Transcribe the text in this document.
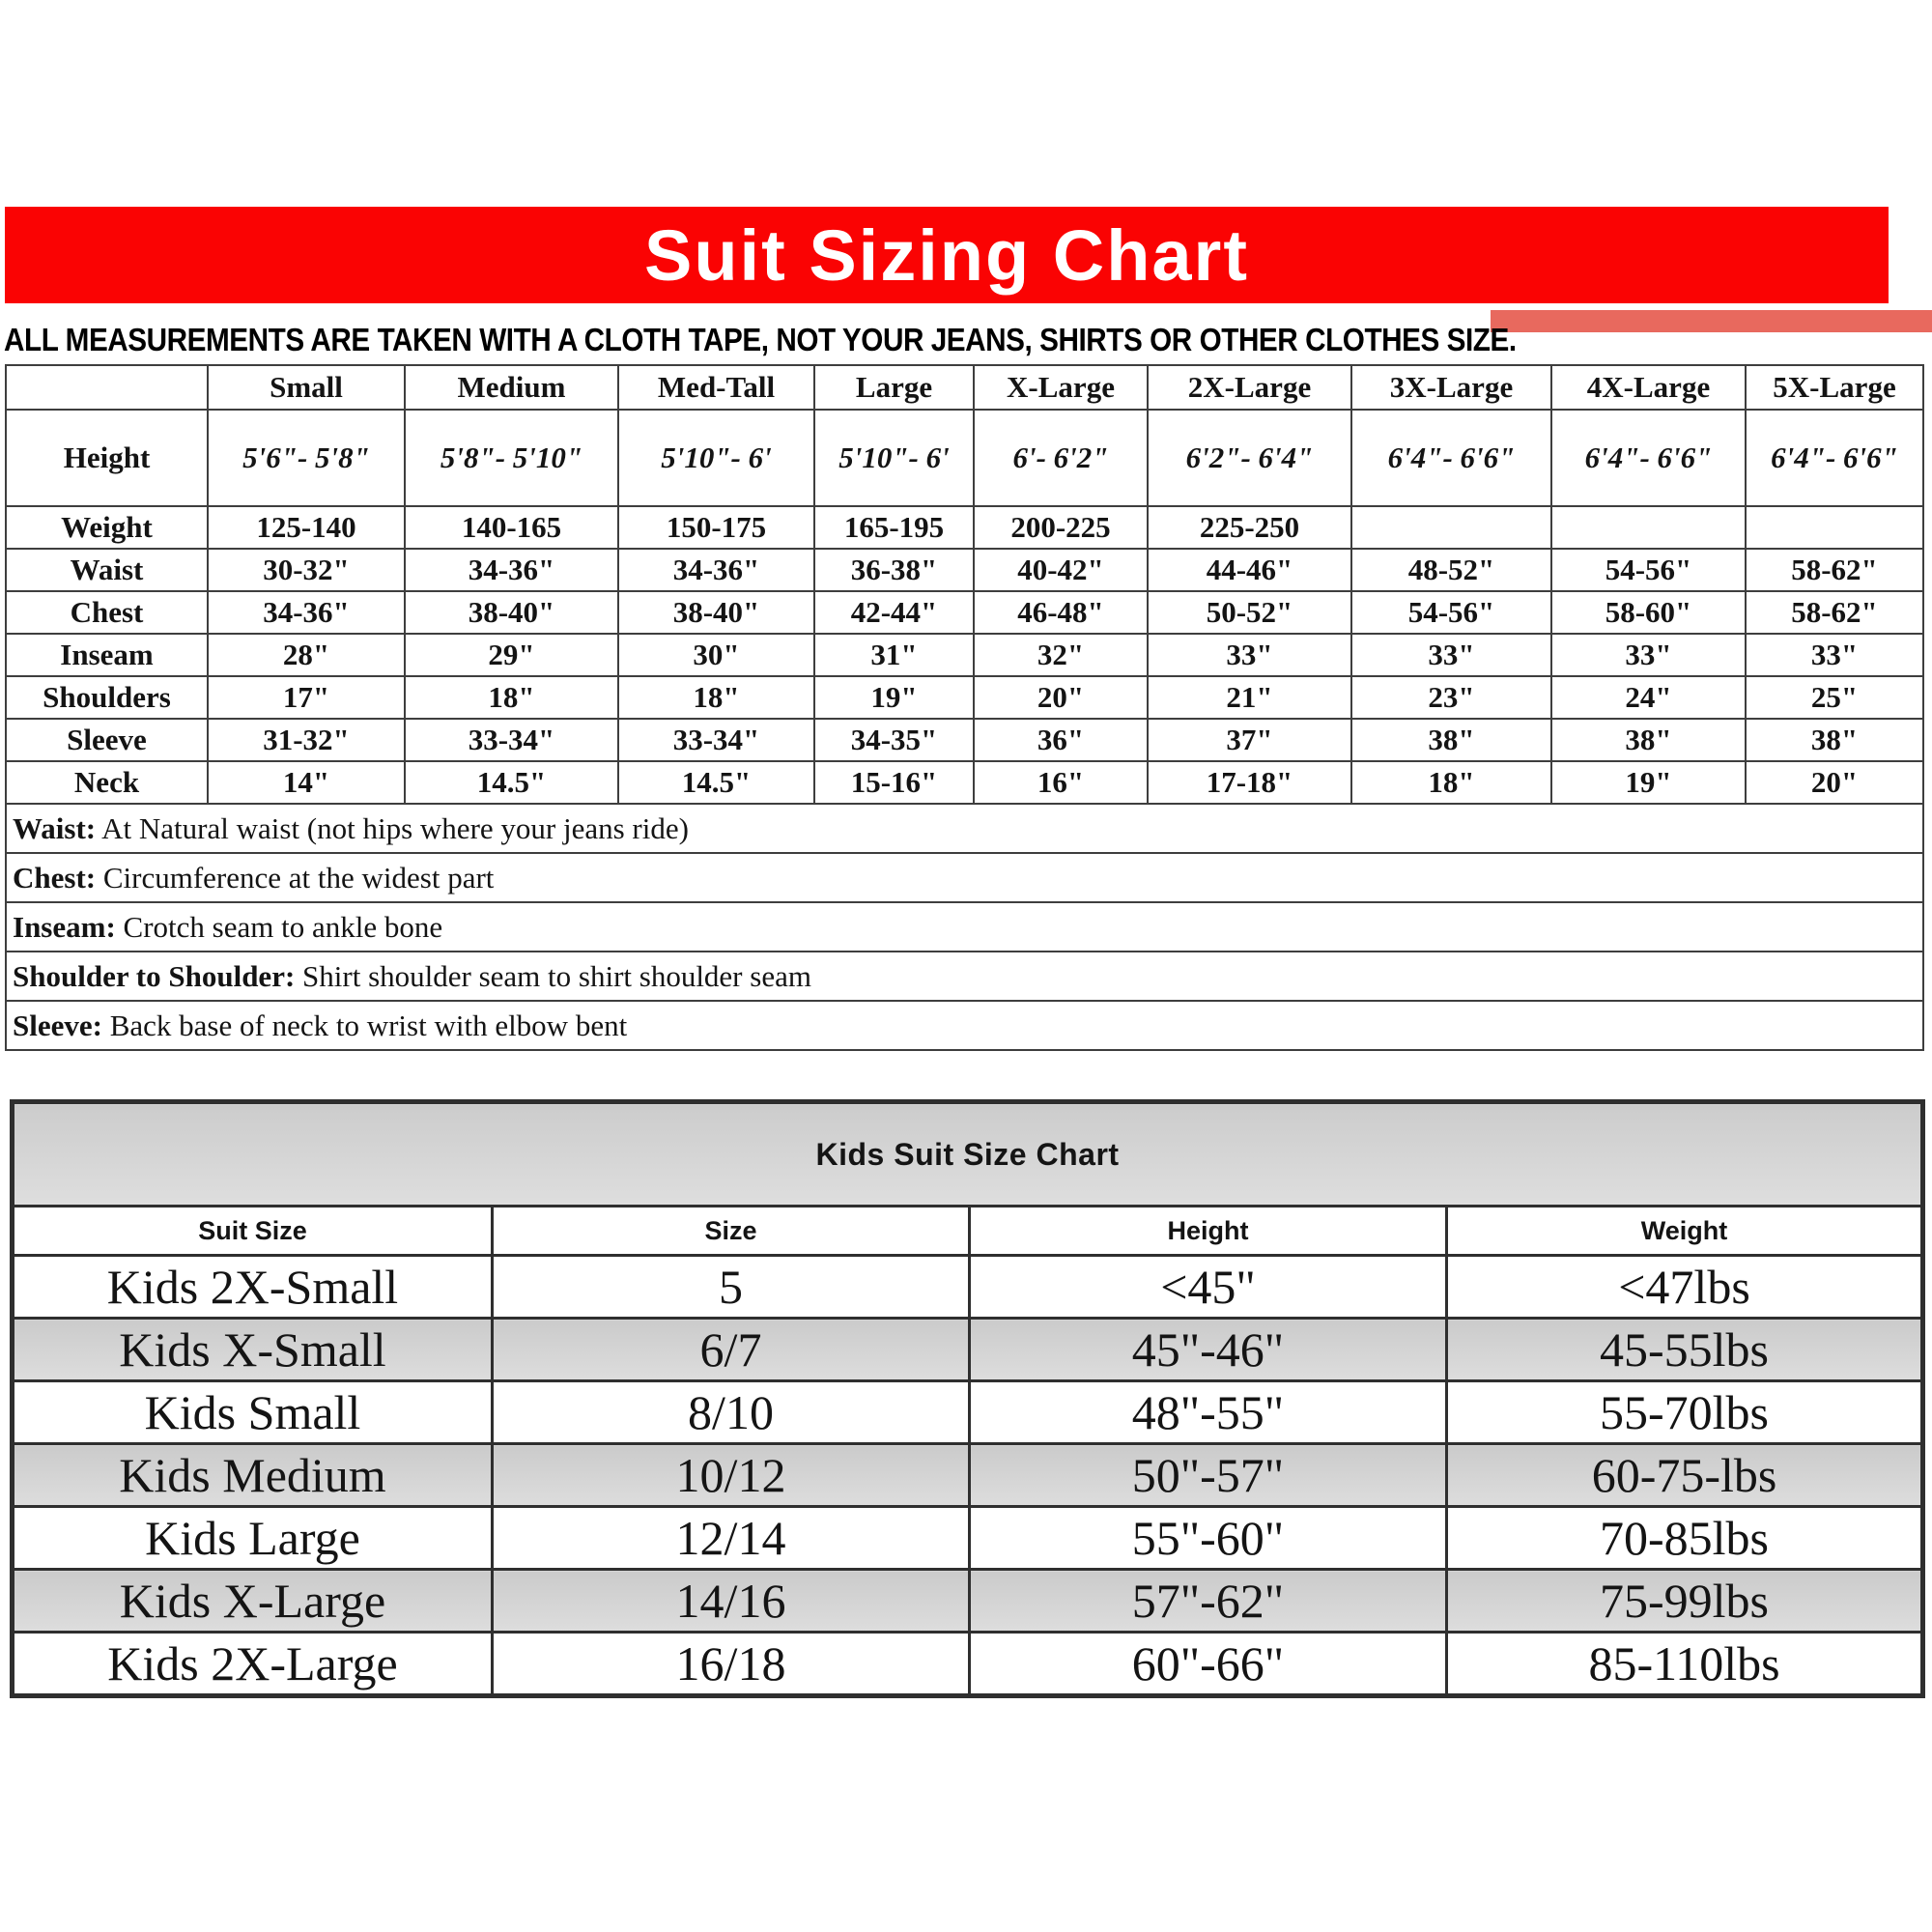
Suit Sizing Chart
ALL MEASUREMENTS ARE TAKEN WITH A CLOTH TAPE, NOT YOUR JEANS, SHIRTS OR OTHER CLOTHES SIZE.
	Small	Medium	Med-Tall	Large	X-Large	2X-Large	3X-Large	4X-Large	5X-Large
Height	5'6"- 5'8"	5'8"- 5'10"	5'10"- 6'	5'10"- 6'	6'- 6'2"	6'2"- 6'4"	6'4"- 6'6"	6'4"- 6'6"	6'4"- 6'6"
Weight	125-140	140-165	150-175	165-195	200-225	225-250			
Waist	30-32"	34-36"	34-36"	36-38"	40-42"	44-46"	48-52"	54-56"	58-62"
Chest	34-36"	38-40"	38-40"	42-44"	46-48"	50-52"	54-56"	58-60"	58-62"
Inseam	28"	29"	30"	31"	32"	33"	33"	33"	33"
Shoulders	17"	18"	18"	19"	20"	21"	23"	24"	25"
Sleeve	31-32"	33-34"	33-34"	34-35"	36"	37"	38"	38"	38"
Neck	14"	14.5"	14.5"	15-16"	16"	17-18"	18"	19"	20"
Waist: At Natural waist (not hips where your jeans ride)									
Chest: Circumference at the widest part									
Inseam: Crotch seam to ankle bone									
Shoulder to Shoulder: Shirt shoulder seam to shirt shoulder seam									
Sleeve: Back base of neck to wrist with elbow bent									
Kids Suit Size Chart			
Suit Size	Size	Height	Weight
Kids 2X-Small	5	<45"	<47lbs
Kids X-Small	6/7	45"-46"	45-55lbs
Kids Small	8/10	48"-55"	55-70lbs
Kids Medium	10/12	50"-57"	60-75-lbs
Kids Large	12/14	55"-60"	70-85lbs
Kids X-Large	14/16	57"-62"	75-99lbs
Kids 2X-Large	16/18	60"-66"	85-110lbs
